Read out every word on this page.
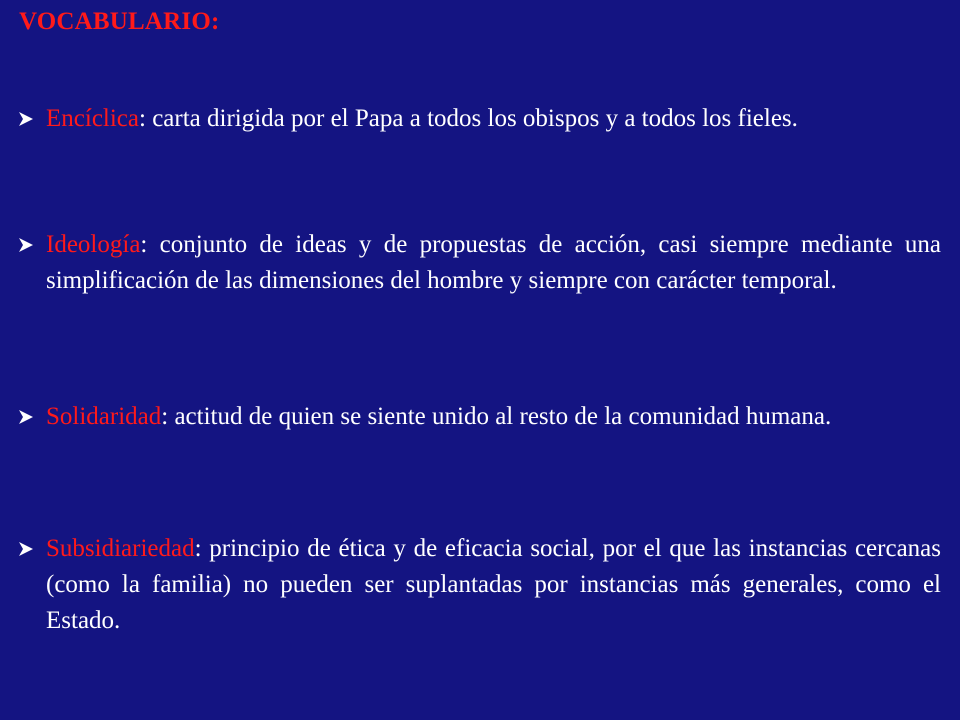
VOCABULARIO:

Encíclica: carta dirigida por el Papa a todos los obispos y a todos los fieles.

Ideología: conjunto de ideas y de propuestas de acción, casi siempre mediante una simplificación de las dimensiones del hombre y siempre con carácter temporal.

Solidaridad: actitud de quien se siente unido al resto de la comunidad humana.

Subsidiariedad: principio de ética y de eficacia social, por el que las instancias cercanas (como la familia) no pueden ser suplantadas por instancias más generales, como el Estado.
